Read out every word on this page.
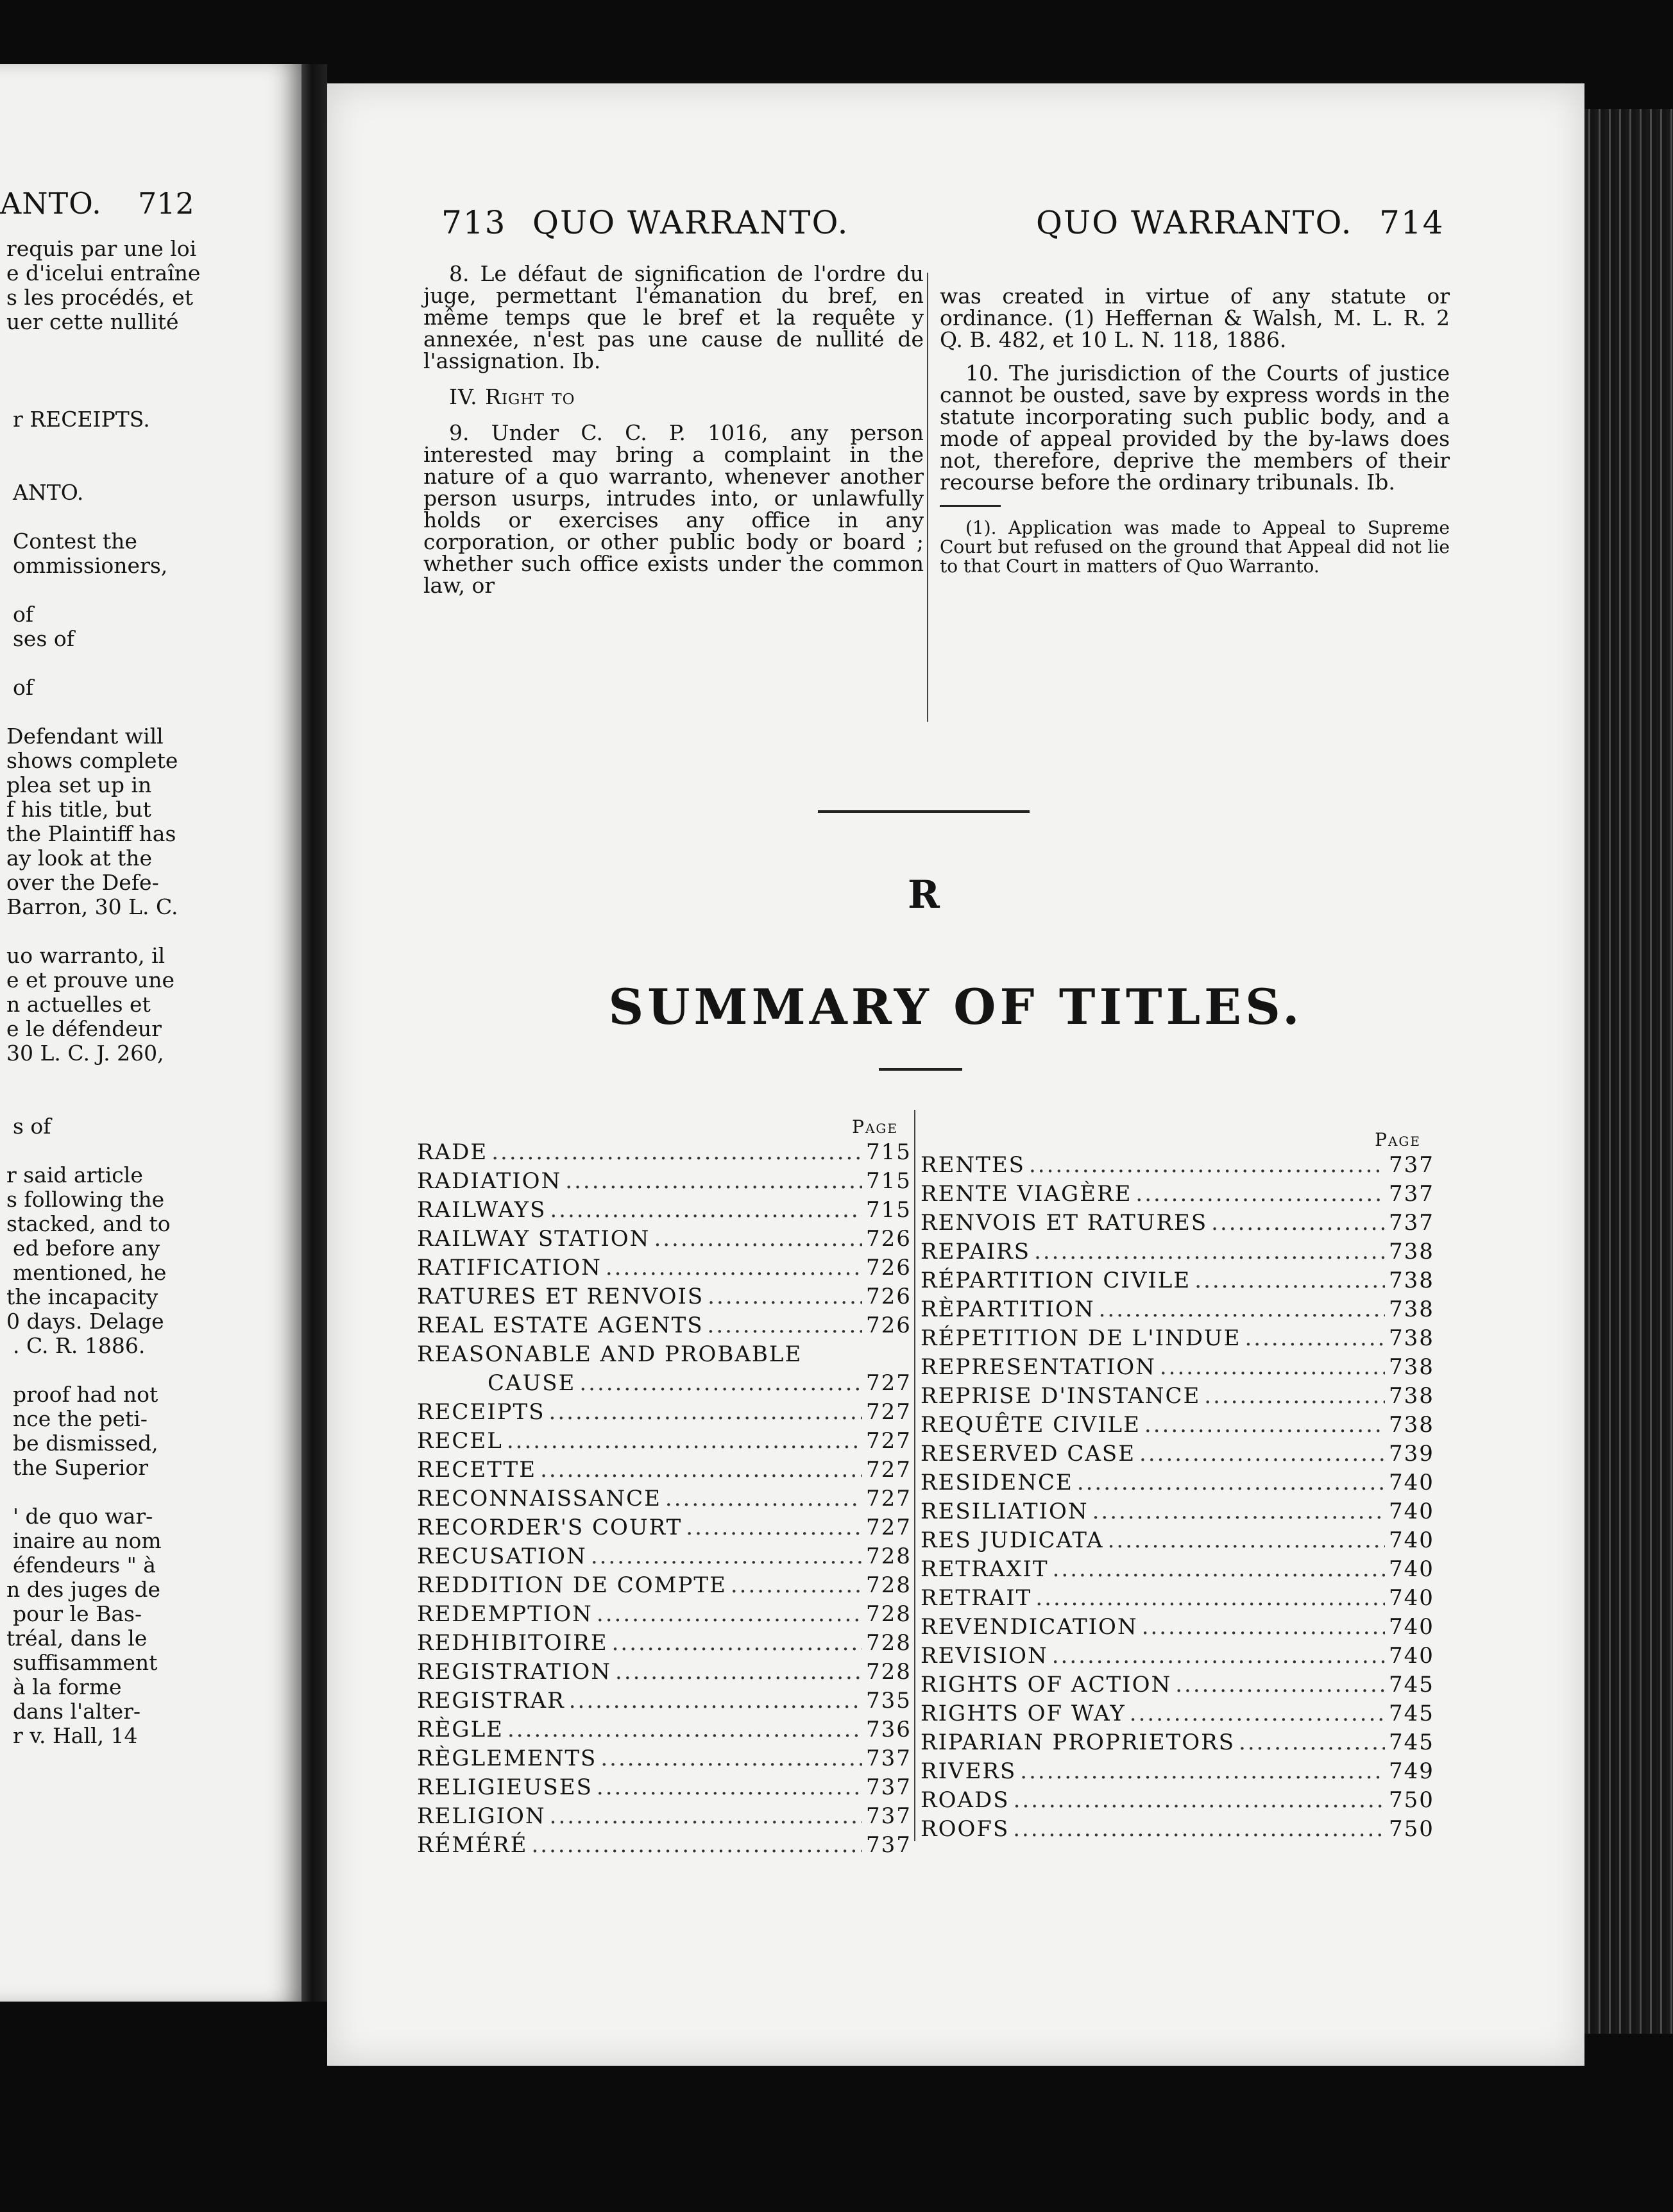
ANTO. 712
requis par une loi
e d'icelui entraîne
s les procédés, et
uer cette nullité
r RECEIPTS.
ANTO.
Contest the
ommissioners,
of
ses of
of
Defendant will
shows complete
plea set up in
f his title, but
the Plaintiff has
ay look at the
over the Defe-
Barron, 30 L. C.
uo warranto, il
e et prouve une
n actuelles et
e le défendeur
30 L. C. J. 260,
s of
r said article
s following the
stacked, and to
ed before any
mentioned, he
the incapacity
0 days. Delage
. C. R. 1886.
proof had not
nce the peti-
be dismissed,
the Superior
' de quo war-
inaire au nom
éfendeurs " à
n des juges de
pour le Bas-
tréal, dans le
suffisamment
à la forme
dans l'alter-
r v. Hall, 14
713 QUO WARRANTO.	QUO WARRANTO. 714

8. Le défaut de signification de l'ordre du juge, permettant l'émanation du bref, en même temps que le bref et la requête y annexée, n'est pas une cause de nullité de l'assignation. Ib.

IV. Right to

9. Under C. C. P. 1016, any person interested may bring a complaint in the nature of a quo warranto, whenever another person usurps, intrudes into, or unlawfully holds or exercises any office in any corporation, or other public body or board ; whether such office exists under the common law, or

was created in virtue of any statute or ordinance. (1) Heffernan & Walsh, M. L. R. 2 Q. B. 482, et 10 L. N. 118, 1886.

10. The jurisdiction of the Courts of justice cannot be ousted, save by express words in the statute incorporating such public body, and a mode of appeal provided by the by-laws does not, therefore, deprive the members of their recourse before the ordinary tribunals. Ib.

(1). Application was made to Appeal to Supreme Court but refused on the ground that Appeal did not lie to that Court in matters of Quo Warranto.

R
SUMMARY OF TITLES.
Page
RADE .....	715
RADIATION .....	715
RAILWAYS .....	715
RAILWAY STATION .....	726
RATIFICATION .....	726
RATURES ET RENVOIS .....	726
REAL ESTATE AGENTS .....	726
REASONABLE AND PROBABLE
CAUSE .....	727
RECEIPTS .....	727
RECEL .....	727
RECETTE .....	727
RECONNAISSANCE .....	727
RECORDER'S COURT .....	727
RECUSATION .....	728
REDDITION DE COMPTE .....	728
REDEMPTION .....	728
REDHIBITOIRE .....	728
REGISTRATION .....	728
REGISTRAR .....	735
RÈGLE .....	736
RÈGLEMENTS .....	737
RELIGIEUSES .....	737
RELIGION .....	737
RÉMÉRÉ .....	737
Page
RENTES .....	737
RENTE VIAGÈRE .....	737
RENVOIS ET RATURES .....	737
REPAIRS .....	738
RÉPARTITION CIVILE .....	738
RÈPARTITION .....	738
RÉPETITION DE L'INDUE .....	738
REPRESENTATION .....	738
REPRISE D'INSTANCE .....	738
REQUÊTE CIVILE .....	738
RESERVED CASE .....	739
RESIDENCE .....	740
RESILIATION .....	740
RES JUDICATA .....	740
RETRAXIT .....	740
RETRAIT .....	740
REVENDICATION .....	740
REVISION .....	740
RIGHTS OF ACTION .....	745
RIGHTS OF WAY .....	745
RIPARIAN PROPRIETORS .....	745
RIVERS .....	749
ROADS .....	750
ROOFS .....	750
